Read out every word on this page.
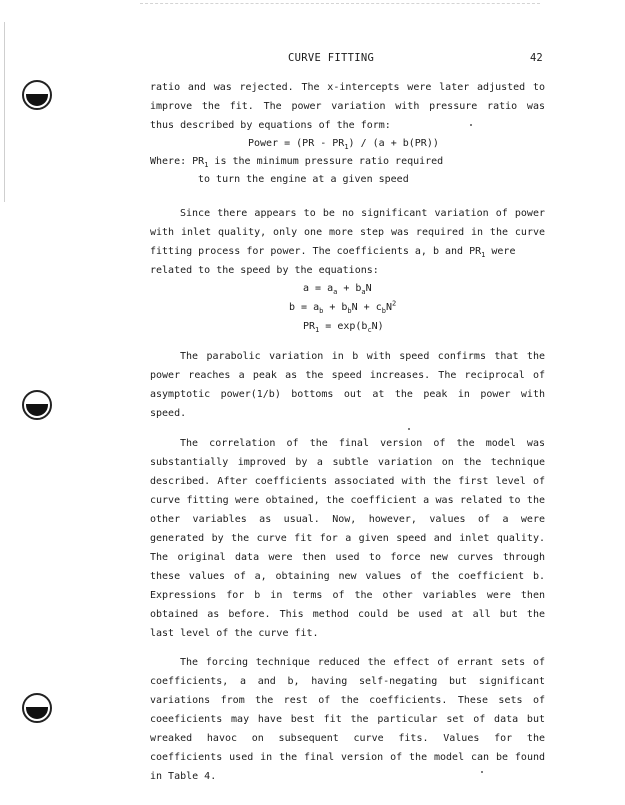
CURVE FITTING	42
ratio and was rejected. The x-intercepts were later adjusted to
improve the fit. The power variation with pressure ratio was
thus described by equations of the form:
Power = $(PR - PR_1) / (a + b(PR))$
Where: $PR_1$ is the minimum pressure ratio required
to turn the engine at a given speed
Since there appears to be no significant variation of power
with inlet quality, only one more step was required in the curve
fitting process for power. The coefficients a, b and $PR_1$ were
related to the speed by the equations:
$a = a_a + b_aN$
$b = a_b + b_bN + c_bN^2$
$PR_1 = \exp(b_cN)$
The parabolic variation in b with speed confirms that the
power reaches a peak as the speed increases. The reciprocal of
asymptotic power(1/b) bottoms out at the peak in power with
speed.
The correlation of the final version of the model was
substantially improved by a subtle variation on the technique
described. After coefficients associated with the first level of
curve fitting were obtained, the coefficient a was related to the
other variables as usual. Now, however, values of a were
generated by the curve fit for a given speed and inlet quality.
The original data were then used to force new curves through
these values of a, obtaining new values of the coefficient b.
Expressions for b in terms of the other variables were then
obtained as before. This method could be used at all but the
last level of the curve fit.
The forcing technique reduced the effect of errant sets of
coefficients, a and b, having self-negating but significant
variations from the rest of the coefficients. These sets of
coeeficients may have best fit the particular set of data but
wreaked havoc on subsequent curve fits. Values for the
coefficients used in the final version of the model can be found
in Table 4.
